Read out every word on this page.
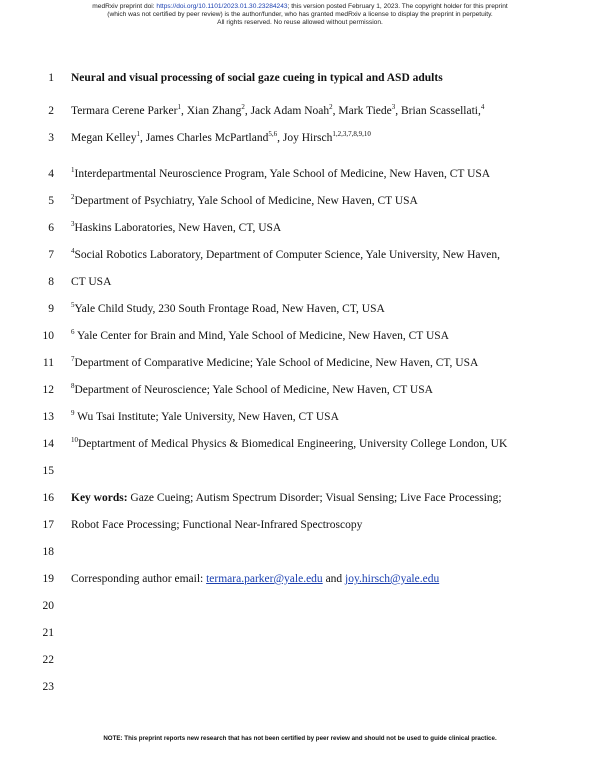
medRxiv preprint doi: https://doi.org/10.1101/2023.01.30.23284243; this version posted February 1, 2023. The copyright holder for this preprint
(which was not certified by peer review) is the author/funder, who has granted medRxiv a license to display the preprint in perpetuity.
All rights reserved. No reuse allowed without permission.
1
2
3
4
5
6
7
8
9
10
11
12
13
14
15
16
17
18
19
20
21
22
23
Neural and visual processing of social gaze cueing in typical and ASD adults
Termara Cerene Parker$^1$, Xian Zhang$^2$, Jack Adam Noah$^2$, Mark Tiede$^3$, Brian Scassellati,$^4$
Megan Kelley$^1$, James Charles McPartland$^{5,6}$, Joy Hirsch$^{1,2,3,7,8,9,10}$
$^1$Interdepartmental Neuroscience Program, Yale School of Medicine, New Haven, CT USA
$^2$Department of Psychiatry, Yale School of Medicine, New Haven, CT USA
$^3$Haskins Laboratories, New Haven, CT, USA
$^4$Social Robotics Laboratory, Department of Computer Science, Yale University, New Haven,
CT USA
$^5$Yale Child Study, 230 South Frontage Road, New Haven, CT, USA
$^6$ Yale Center for Brain and Mind, Yale School of Medicine, New Haven, CT USA
$^7$Department of Comparative Medicine; Yale School of Medicine, New Haven, CT, USA
$^8$Department of Neuroscience; Yale School of Medicine, New Haven, CT USA
$^9$ Wu Tsai Institute; Yale University, New Haven, CT USA
$^{10}$Deptartment of Medical Physics & Biomedical Engineering, University College London, UK
Key words: Gaze Cueing; Autism Spectrum Disorder; Visual Sensing; Live Face Processing;
Robot Face Processing; Functional Near-Infrared Spectroscopy
Corresponding author email: termara.parker@yale.edu and joy.hirsch@yale.edu
NOTE: This preprint reports new research that has not been certified by peer review and should not be used to guide clinical practice.
